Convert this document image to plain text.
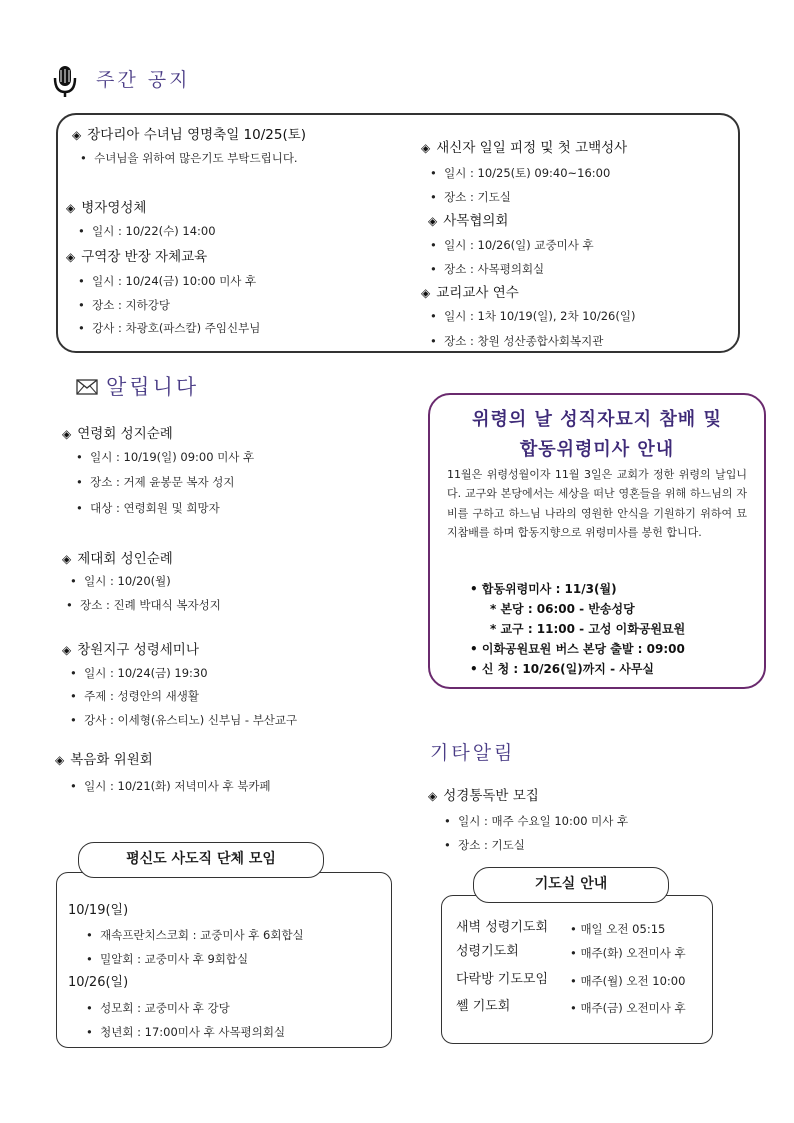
주간 공지
◈ 장다리아 수녀님 영명축일 10/25(토)
•  수녀님을 위하여 많은기도 부탁드립니다.
◈ 병자영성체
•  일시 : 10/22(수) 14:00
◈ 구역장 반장 자체교육
•  일시 : 10/24(금) 10:00 미사 후
•  장소 : 지하강당
•  강사 : 차광호(파스칼) 주임신부님
◈ 새신자 일일 피정 및 첫 고백성사
•  일시 : 10/25(토) 09:40~16:00
•  장소 : 기도실
◈ 사목협의회
•  일시 : 10/26(일) 교중미사 후
•  장소 : 사목평의회실
◈ 교리교사 연수
•  일시 : 1차 10/19(일), 2차 10/26(일)
•  장소 : 창원 성산종합사회복지관
알립니다
◈ 연령회 성지순례
•  일시 : 10/19(일) 09:00 미사 후
•  장소 : 거제 윤봉문 복자 성지
•  대상 : 연령회원 및 희망자
◈ 제대회 성인순례
•  일시 : 10/20(월)
•  장소 : 진례 박대식 복자성지
◈ 창원지구 성령세미나
•  일시 : 10/24(금) 19:30
•  주제 : 성령안의 새생활
•  강사 : 이세형(유스티노) 신부님 - 부산교구
◈ 복음화 위원회
•  일시 : 10/21(화) 저녁미사 후 북카페
위령의 날 성직자묘지 참배 및
합동위령미사 안내
11월은 위령성월이자 11월 3일은 교회가 정한 위령의 날입니다. 교구와 본당에서는 세상을 떠난 영혼들을 위해 하느님의 자비를 구하고 하느님 나라의 영원한 안식을 기원하기 위하여 묘지참배를 하며 합동지향으로 위령미사를 봉헌 합니다.
• 합동위령미사 : 11/3(월)
* 본당 : 06:00 - 반송성당
* 교구 : 11:00 - 고성 이화공원묘원
• 이화공원묘원 버스 본당 출발 : 09:00
• 신 청 : 10/26(일)까지 - 사무실
기타알림
◈ 성경통독반 모집
•  일시 : 매주 수요일 10:00 미사 후
•  장소 : 기도실
평신도 사도직 단체 모임
10/19(일)
•  재속프란치스코회 : 교중미사 후 6회합실
•  밀알회 : 교중미사 후 9회합실
10/26(일)
•  성모회 : 교중미사 후 강당
•  청년회 : 17:00미사 후 사목평의회실
기도실 안내
새벽 성령기도회 • 매일 오전 05:15
성령기도회	• 매주(화) 오전미사 후
다락방 기도모임 • 매주(월) 오전 10:00
쎌 기도회	• 매주(금) 오전미사 후
